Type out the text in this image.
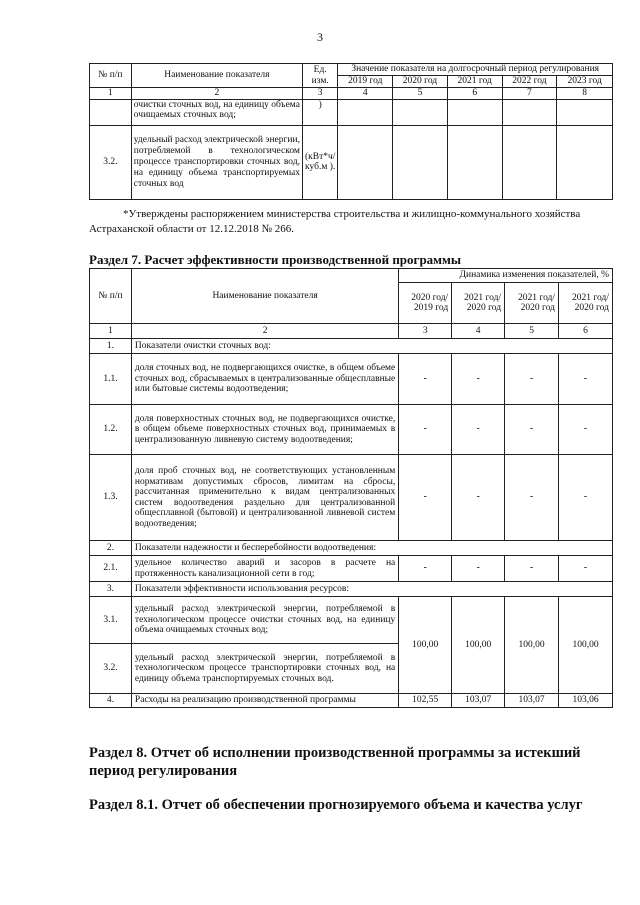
3
№ п/п	Наименование показателя	Ед. изм.	Значение показателя на долгосрочный период регулирования				
			2019 год	2020 год	2021 год	2022 год	2023 год
1	2	3	4	5	6	7	8
	очистки сточных вод, на единицу объема очищаемых сточных вод;	)					
3.2.	удельный расход электрической энергии, потребляемой в технологическом процессе транспортировки сточных вод, на единицу объема транспортируемых сточных вод	(кВт*ч/ куб.м ).					
*Утверждены распоряжением министерства строительства и жилищно-коммунального хозяйства
Астраханской области от 12.12.2018 № 266.
Раздел 7. Расчет эффективности производственной программы
№ п/п	Наименование показателя	Динамика изменения показателей, %			
		2020 год/ 2019 год	2021 год/ 2020 год	2021 год/ 2020 год	2021 год/ 2020 год
1	2	3	4	5	6
1.	Показатели очистки сточных вод:				
1.1.	доля сточных вод, не подвергающихся очистке, в общем объеме сточных вод, сбрасываемых в централизованные общесплавные или бытовые системы водоотведения;	-	-	-	-
1.2.	доля поверхностных сточных вод, не подвергающихся очистке, в общем объеме поверхностных сточных вод, принимаемых в централизованную ливневую систему водоотведения;	-	-	-	-
1.3.	доля проб сточных вод, не соответствующих установленным нормативам допустимых сбросов, лимитам на сбросы, рассчитанная применительно к видам централизованных систем водоотведения раздельно для централизованной общесплавной (бытовой) и централизованной ливневой систем водоотведения;	-	-	-	-
2.	Показатели надежности и бесперебойности водоотведения:				
2.1.	удельное количество аварий и засоров в расчете на протяженность канализационной сети в год;	-	-	-	-
3.	Показатели эффективности использования ресурсов:				
3.1.	удельный расход электрической энергии, потребляемой в технологическом процессе очистки сточных вод, на единицу объема очищаемых сточных вод;	100,00	100,00	100,00	100,00
3.2.	удельный расход электрической энергии, потребляемой в технологическом процессе транспортировки сточных вод, на единицу объема транспортируемых сточных вод.				
4.	Расходы на реализацию производственной программы	102,55	103,07	103,07	103,06
Раздел 8. Отчет об исполнении производственной программы за истекший период регулирования
Раздел 8.1. Отчет об обеспечении прогнозируемого объема и качества услуг
